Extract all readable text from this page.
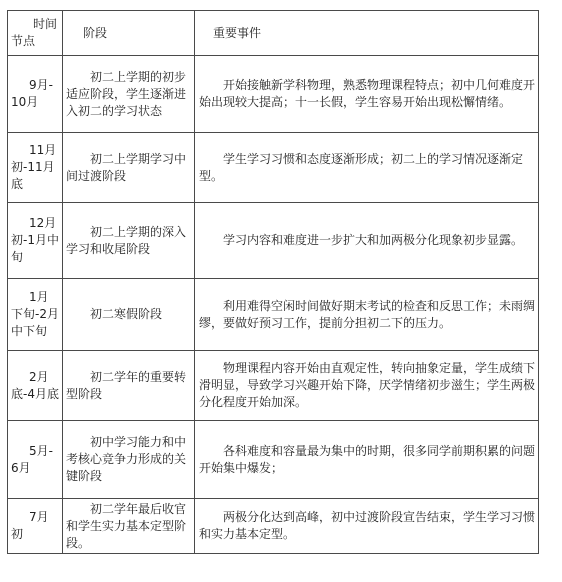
时间
节点	阶段	重要事件
9月-10月	初二上学期的初步适应阶段，学生逐渐进入初二的学习状态	开始接触新学科物理，熟悉物理课程特点；初中几何难度开始出现较大提高；十一长假，学生容易开始出现松懈情绪。
11月初-11月底	初二上学期学习中间过渡阶段	学生学习习惯和态度逐渐形成；初二上的学习情况逐渐定型。
12月初-1月中旬	初二上学期的深入学习和收尾阶段	学习内容和难度进一步扩大和加两极分化现象初步显露。
1月下旬-2月中下旬	初二寒假阶段	利用难得空闲时间做好期末考试的检查和反思工作；未雨绸缪，要做好预习工作，提前分担初二下的压力。
2月底-4月底	初二学年的重要转型阶段	物理课程内容开始由直观定性，转向抽象定量，学生成绩下滑明显，导致学习兴趣开始下降，厌学情绪初步滋生；学生两极分化程度开始加深。
5月-6月	初中学习能力和中考核心竞争力形成的关键阶段	各科难度和容量最为集中的时期，很多同学前期积累的问题开始集中爆发；
7月初	初二学年最后收官和学生实力基本定型阶段。	两极分化达到高峰，初中过渡阶段宣告结束，学生学习习惯和实力基本定型。
